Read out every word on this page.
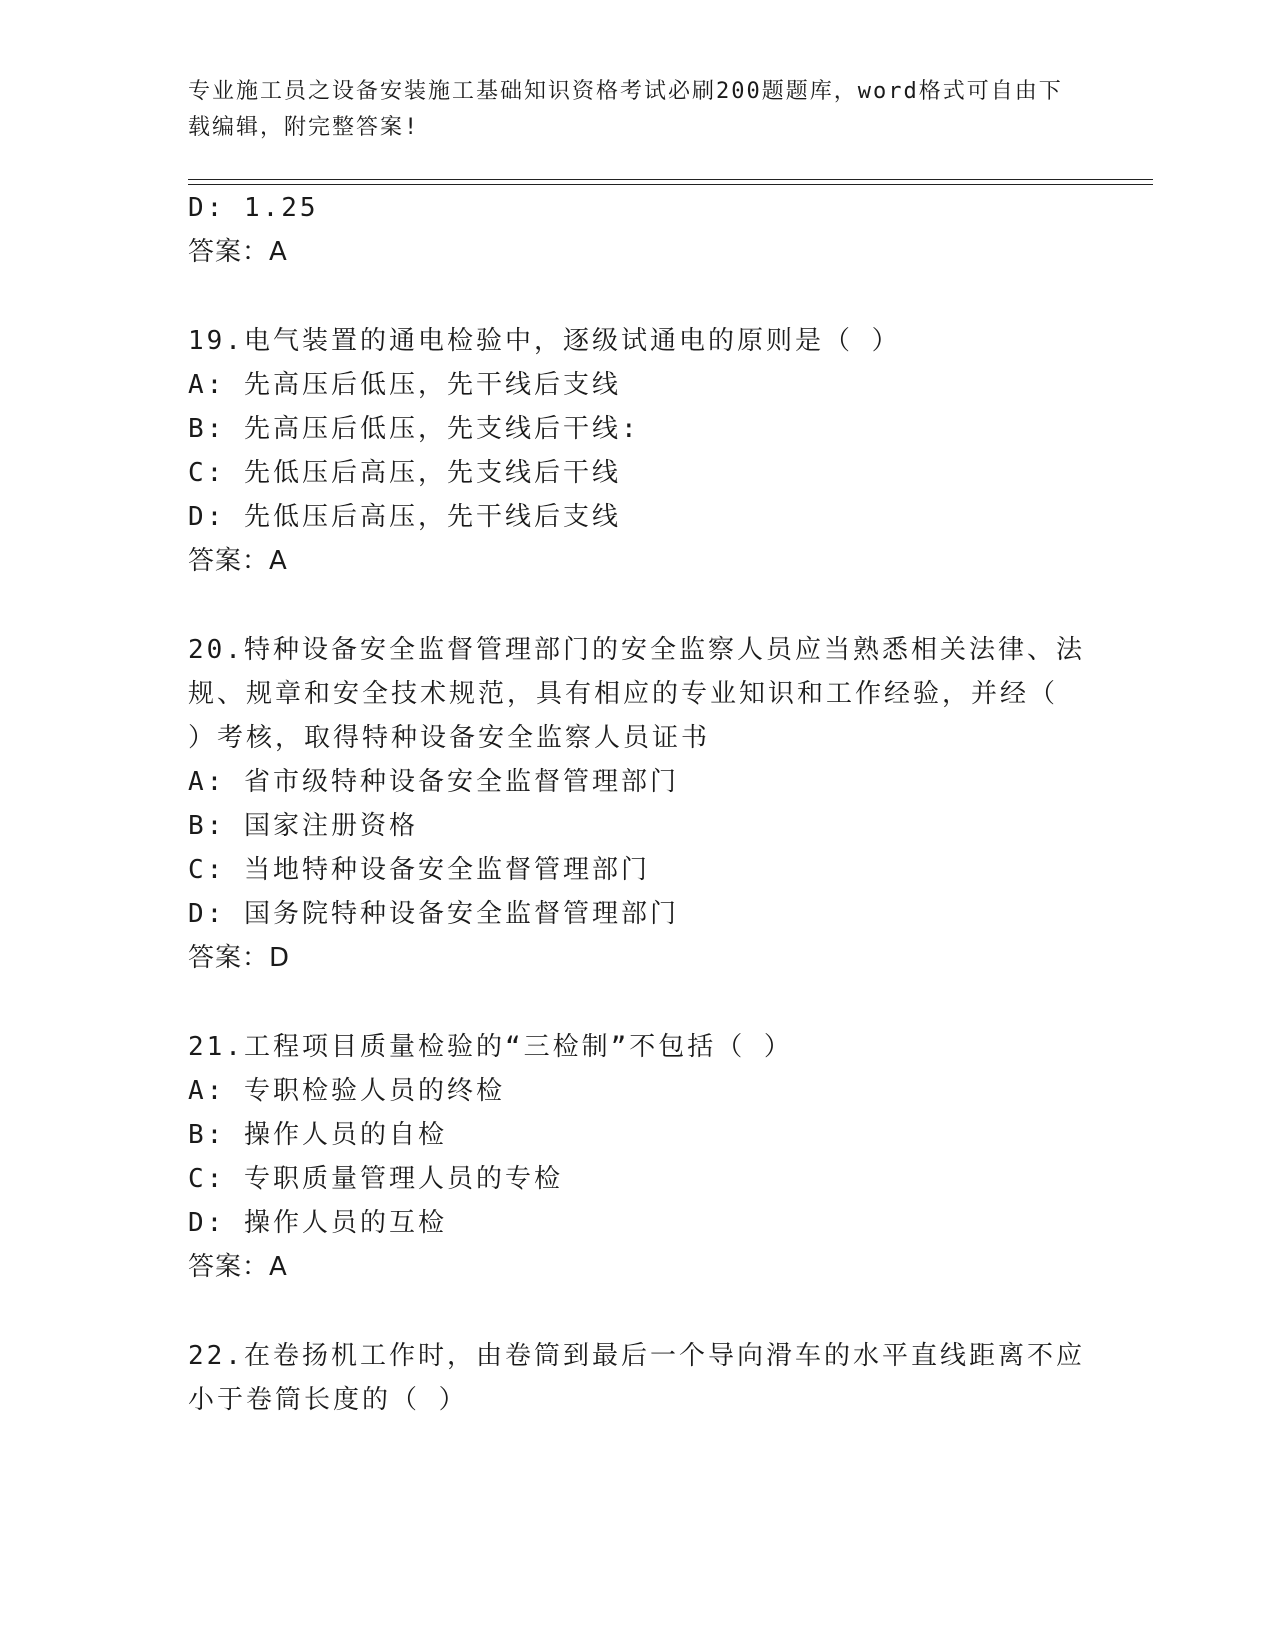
专业施工员之设备安装施工基础知识资格考试必刷200题题库，word格式可自由下载编辑，附完整答案!
D: 1.25
答案：A
19.电气装置的通电检验中，逐级试通电的原则是（ ）
A: 先高压后低压，先干线后支线
B: 先高压后低压，先支线后干线:
C: 先低压后高压，先支线后干线
D: 先低压后高压，先干线后支线
答案：A
20.特种设备安全监督管理部门的安全监察人员应当熟悉相关法律、法
规、规章和安全技术规范，具有相应的专业知识和工作经验，并经（
）考核，取得特种设备安全监察人员证书
A: 省市级特种设备安全监督管理部门
B: 国家注册资格
C: 当地特种设备安全监督管理部门
D: 国务院特种设备安全监督管理部门
答案：D
21.工程项目质量检验的“三检制”不包括（ ）
A: 专职检验人员的终检
B: 操作人员的自检
C: 专职质量管理人员的专检
D: 操作人员的互检
答案：A
22.在卷扬机工作时，由卷筒到最后一个导向滑车的水平直线距离不应
小于卷筒长度的（ ）
